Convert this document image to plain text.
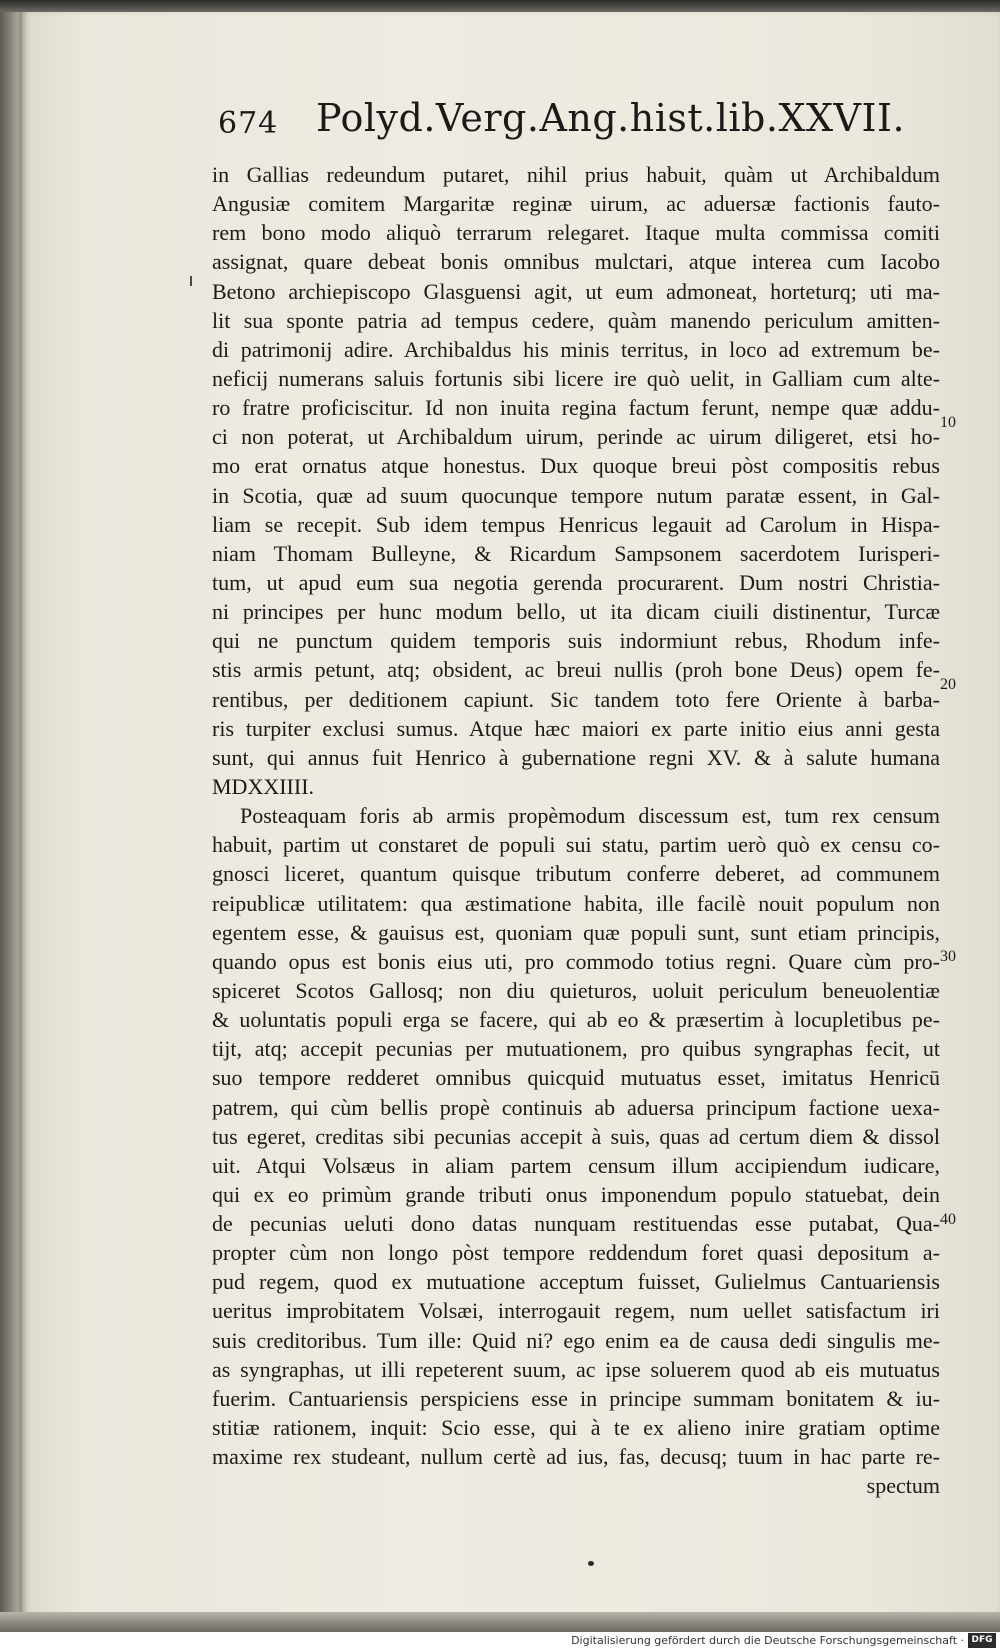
674 Polyd.Verg.Ang.hist.lib.XXVII.
in Gallias redeundum putaret, nihil prius habuit, quàm ut Archibaldum
Angusiæ comitem Margaritæ reginæ uirum, ac aduersæ factionis fauto-
rem bono modo aliquò terrarum relegaret. Itaque multa commissa comiti
assignat, quare debeat bonis omnibus mulctari, atque interea cum Iacobo
Betono archiepiscopo Glasguensi agit, ut eum admoneat, horteturq; uti ma-
lit sua sponte patria ad tempus cedere, quàm manendo periculum amitten-
di patrimonij adire. Archibaldus his minis territus, in loco ad extremum be-
neficij numerans saluis fortunis sibi licere ire quò uelit, in Galliam cum alte-
ro fratre proficiscitur. Id non inuita regina factum ferunt, nempe quæ addu-
ci non poterat, ut Archibaldum uirum, perinde ac uirum diligeret, etsi ho-
mo erat ornatus atque honestus. Dux quoque breui pòst compositis rebus
in Scotia, quæ ad suum quocunque tempore nutum paratæ essent, in Gal-
liam se recepit. Sub idem tempus Henricus legauit ad Carolum in Hispa-
niam Thomam Bulleyne, & Ricardum Sampsonem sacerdotem Iurisperi-
tum, ut apud eum sua negotia gerenda procurarent. Dum nostri Christia-
ni principes per hunc modum bello, ut ita dicam ciuili distinentur, Turcæ
qui ne punctum quidem temporis suis indormiunt rebus, Rhodum infe-
stis armis petunt, atq; obsident, ac breui nullis (proh bone Deus) opem fe-
rentibus, per deditionem capiunt. Sic tandem toto fere Oriente à barba-
ris turpiter exclusi sumus. Atque hæc maiori ex parte initio eius anni gesta
sunt, qui annus fuit Henrico à gubernatione regni XV. & à salute humana
MDXXIIII.
Posteaquam foris ab armis propèmodum discessum est, tum rex censum
habuit, partim ut constaret de populi sui statu, partim uerò quò ex censu co-
gnosci liceret, quantum quisque tributum conferre deberet, ad communem
reipublicæ utilitatem: qua æstimatione habita, ille facilè nouit populum non
egentem esse, & gauisus est, quoniam quæ populi sunt, sunt etiam principis,
quando opus est bonis eius uti, pro commodo totius regni. Quare cùm pro-
spiceret Scotos Gallosq; non diu quieturos, uoluit periculum beneuolentiæ
& uoluntatis populi erga se facere, qui ab eo & præsertim à locupletibus pe-
tijt, atq; accepit pecunias per mutuationem, pro quibus syngraphas fecit, ut
suo tempore redderet omnibus quicquid mutuatus esset, imitatus Henricū
patrem, qui cùm bellis propè continuis ab aduersa principum factione uexa-
tus egeret, creditas sibi pecunias accepit à suis, quas ad certum diem & dissol
uit. Atqui Volsæus in aliam partem censum illum accipiendum iudicare,
qui ex eo primùm grande tributi onus imponendum populo statuebat, dein
de pecunias ueluti dono datas nunquam restituendas esse putabat, Qua-
propter cùm non longo pòst tempore reddendum foret quasi depositum a-
pud regem, quod ex mutuatione acceptum fuisset, Gulielmus Cantuariensis
ueritus improbitatem Volsæi, interrogauit regem, num uellet satisfactum iri
suis creditoribus. Tum ille: Quid ni? ego enim ea de causa dedi singulis me-
as syngraphas, ut illi repeterent suum, ac ipse soluerem quod ab eis mutuatus
fuerim. Cantuariensis perspiciens esse in principe summam bonitatem & iu-
stitiæ rationem, inquit: Scio esse, qui à te ex alieno inire gratiam optime
maxime rex studeant, nullum certè ad ius, fas, decusq; tuum in hac parte re-
spectum
10
20
30
40
Digitalisierung gefördert durch die Deutsche Forschungsgemeinschaft · DFG
